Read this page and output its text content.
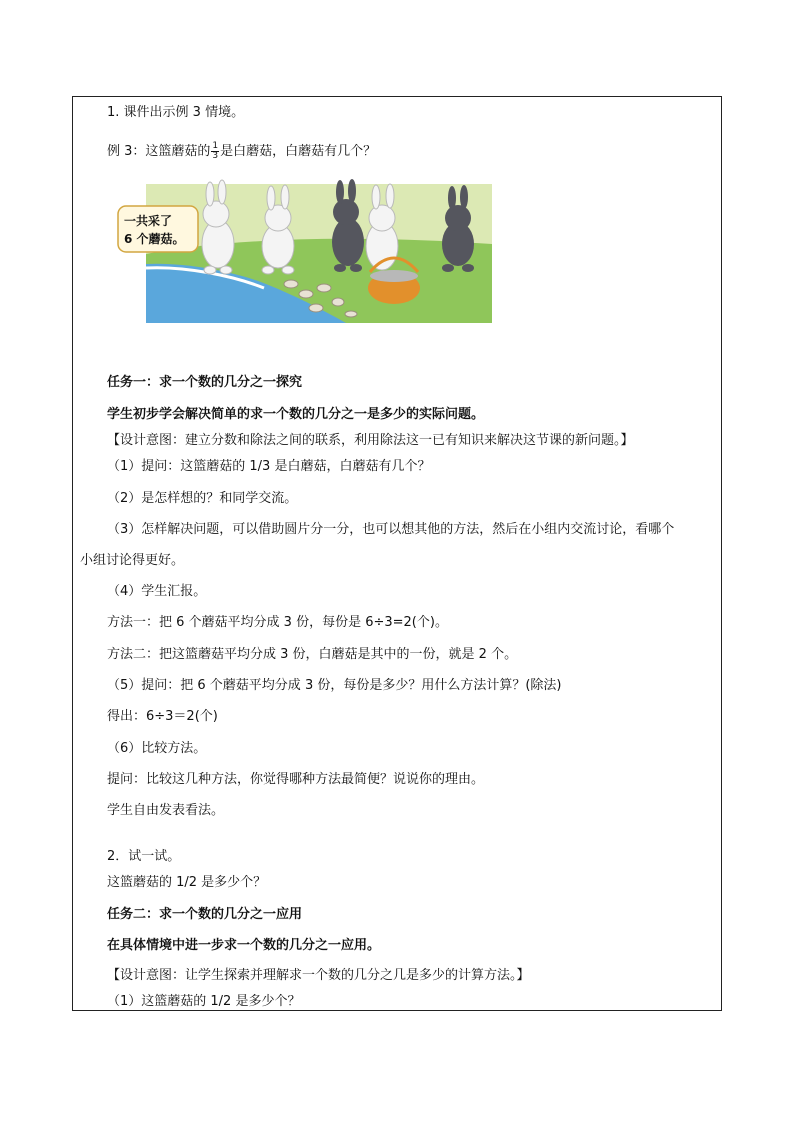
1. 课件出示例 3 情境。
例 3：这篮蘑菇的 $\frac{1}{3}$ 是白蘑菇，白蘑菇有几个？
一共采了
6 个蘑菇。
任务一：求一个数的几分之一探究
学生初步学会解决简单的求一个数的几分之一是多少的实际问题。
【设计意图：建立分数和除法之间的联系，利用除法这一已有知识来解决这节课的新问题。】
（1）提问：这篮蘑菇的 1/3 是白蘑菇，白蘑菇有几个？
（2）是怎样想的？和同学交流。
（3）怎样解决问题，可以借助圆片分一分，也可以想其他的方法，然后在小组内交流讨论，看哪个
小组讨论得更好。
（4）学生汇报。
方法一：把 6 个蘑菇平均分成 3 份，每份是 6÷3=2(个)。
方法二：把这篮蘑菇平均分成 3 份，白蘑菇是其中的一份，就是 2 个。
（5）提问：把 6 个蘑菇平均分成 3 份，每份是多少？用什么方法计算？(除法)
得出：6÷3＝2(个)
（6）比较方法。
提问：比较这几种方法，你觉得哪种方法最简便？说说你的理由。
学生自由发表看法。
2．试一试。
这篮蘑菇的 1/2 是多少个？
任务二：求一个数的几分之一应用
在具体情境中进一步求一个数的几分之一应用。
【设计意图：让学生探索并理解求一个数的几分之几是多少的计算方法。】
（1）这篮蘑菇的 1/2 是多少个？
